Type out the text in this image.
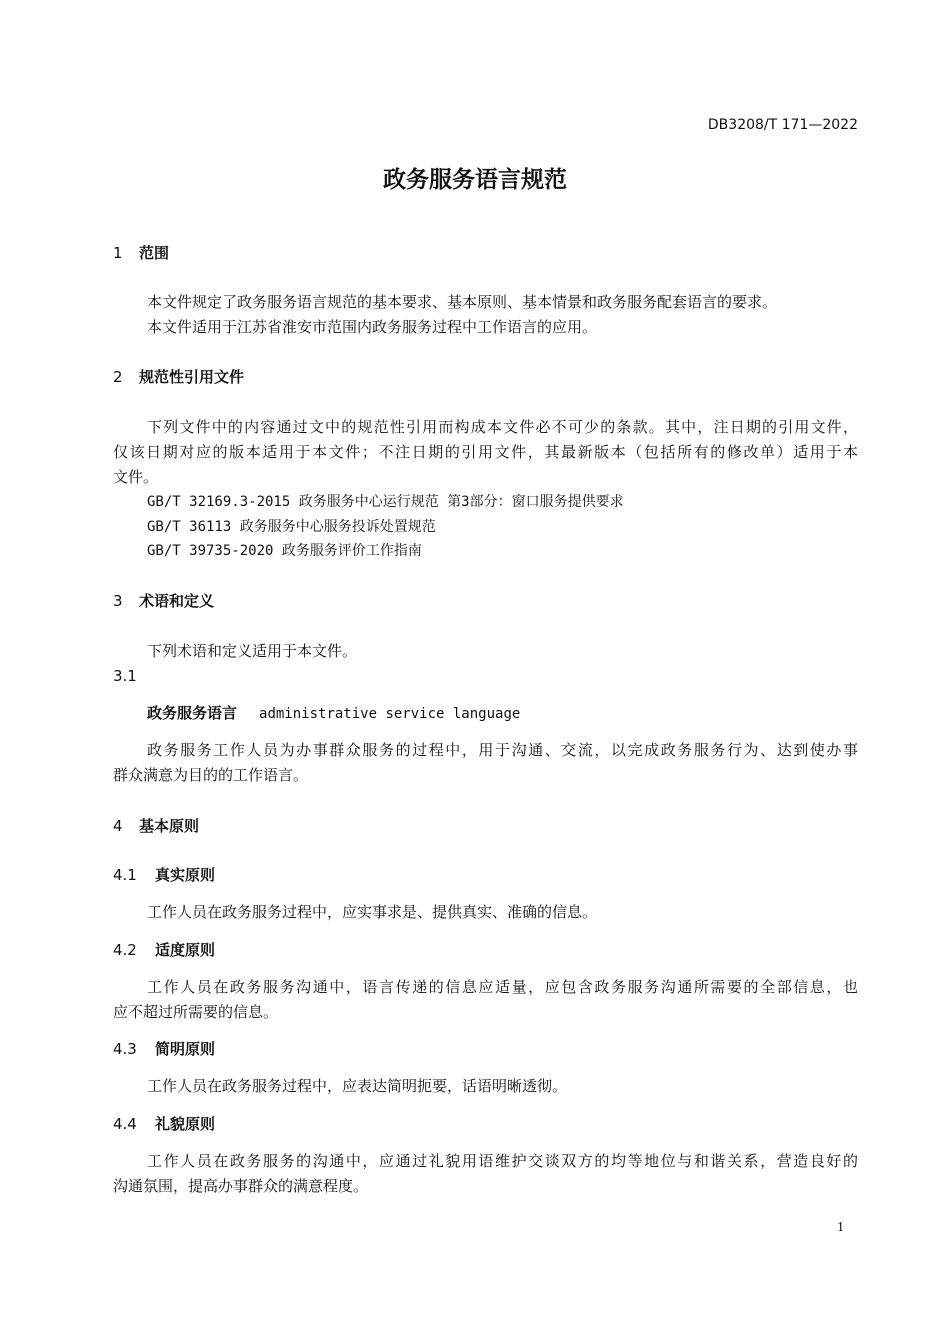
DB3208/T 171—2022
政务服务语言规范
1 范围
本文件规定了政务服务语言规范的基本要求、基本原则、基本情景和政务服务配套语言的要求。
本文件适用于江苏省淮安市范围内政务服务过程中工作语言的应用。
2 规范性引用文件
下列文件中的内容通过文中的规范性引用而构成本文件必不可少的条款。其中，注日期的引用文件，
仅该日期对应的版本适用于本文件；不注日期的引用文件，其最新版本（包括所有的修改单）适用于本
文件。
GB/T 32169.3-2015 政务服务中心运行规范 第3部分：窗口服务提供要求
GB/T 36113 政务服务中心服务投诉处置规范
GB/T 39735-2020 政务服务评价工作指南
3 术语和定义
下列术语和定义适用于本文件。
3.1
政务服务语言 administrative service language
政务服务工作人员为办事群众服务的过程中，用于沟通、交流，以完成政务服务行为、达到使办事
群众满意为目的的工作语言。
4 基本原则
4.1 真实原则
工作人员在政务服务过程中，应实事求是、提供真实、准确的信息。
4.2 适度原则
工作人员在政务服务沟通中，语言传递的信息应适量，应包含政务服务沟通所需要的全部信息，也
应不超过所需要的信息。
4.3 简明原则
工作人员在政务服务过程中，应表达简明扼要，话语明晰透彻。
4.4 礼貌原则
工作人员在政务服务的沟通中，应通过礼貌用语维护交谈双方的均等地位与和谐关系，营造良好的
沟通氛围，提高办事群众的满意程度。
1
